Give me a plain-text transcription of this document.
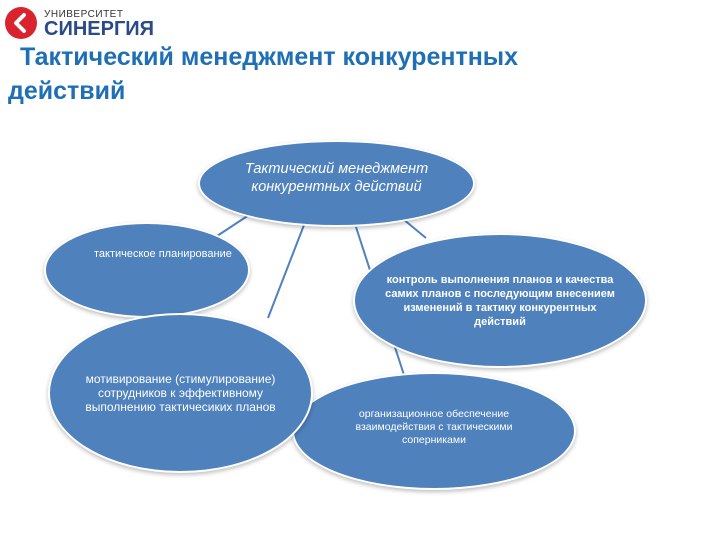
УНИВЕРСИТЕТ
СИНЕРГИЯ
Тактический менеджмент конкурентных
действий
Тактический менеджмент конкурентных действий
тактическое планирование
организационное обеспечение взаимодействия с тактическими соперниками
контроль выполнения планов и качества самих планов с последующим внесением изменений в тактику конкурентных действий
мотивирование (стимулирование) сотрудников к эффективному выполнению тактичесиких планов
